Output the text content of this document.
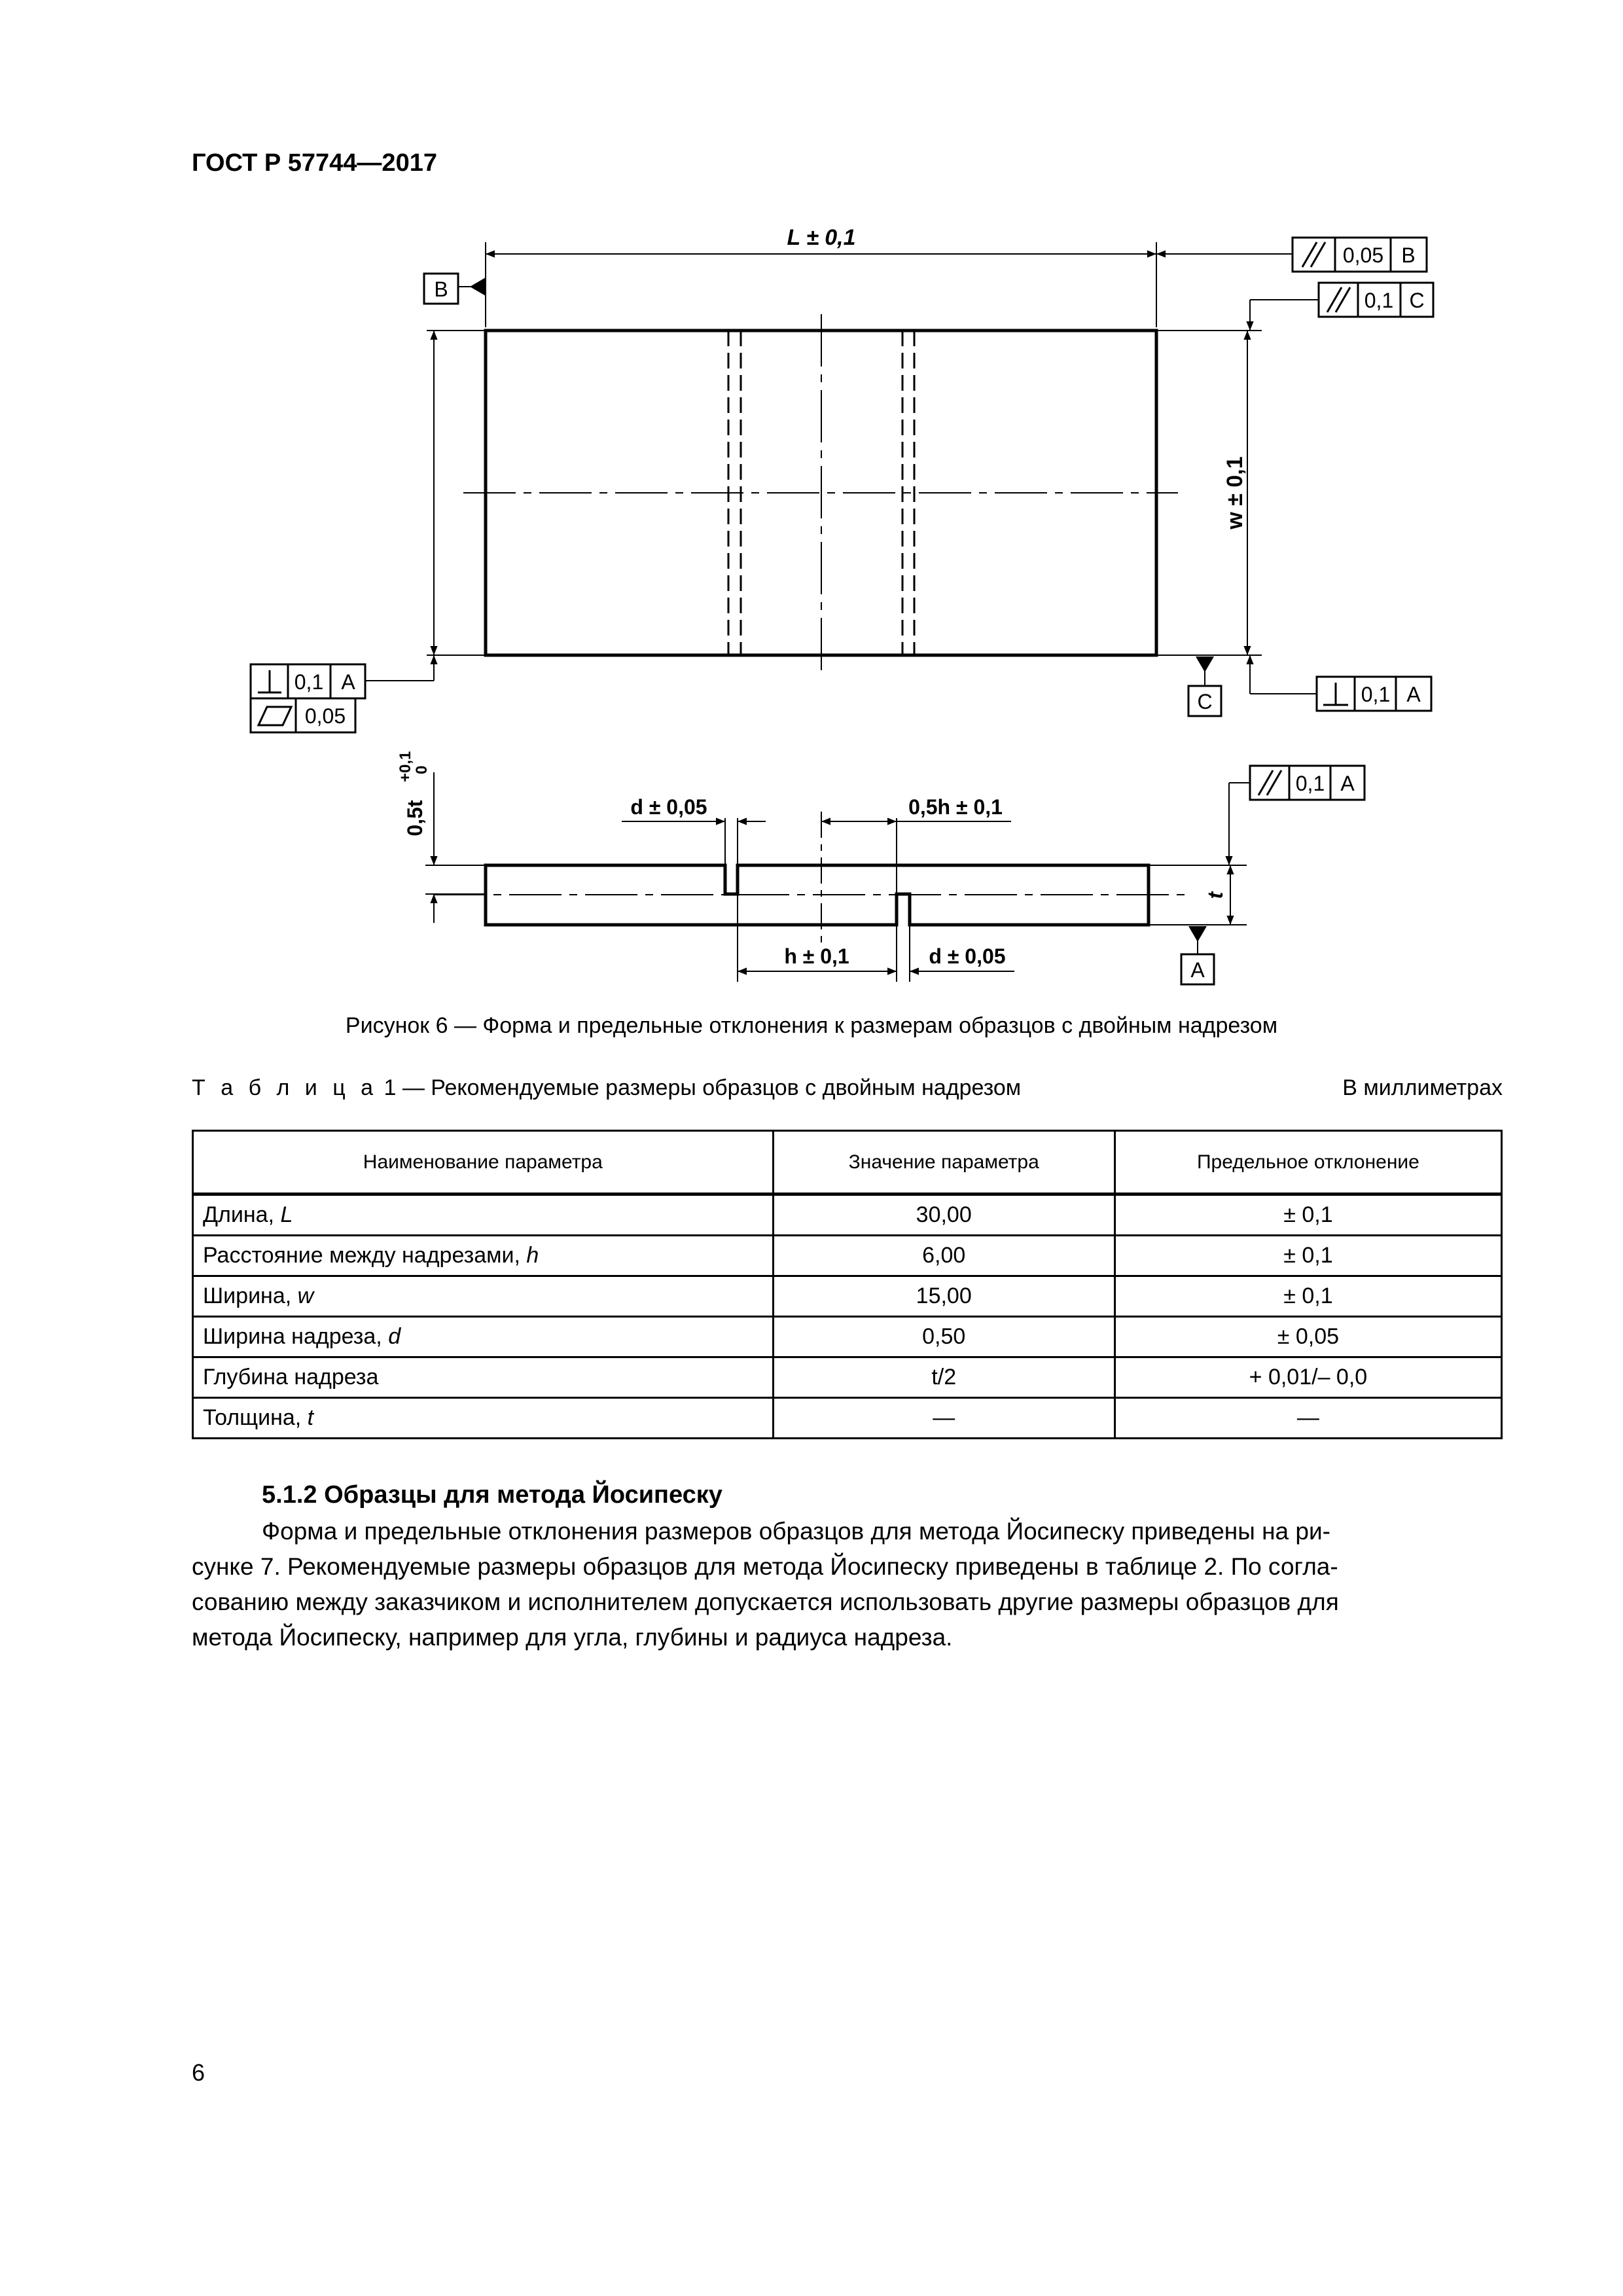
ГОСТ Р 57744—2017
L ± 0,1
w ± 0,1
B
0,05 B
0,1 C
0,1 A
0,05
C	0,1 A
0,5t
+0,1
0
d ± 0,05	0,5h ± 0,1
h ± 0,1	d ± 0,05
t
A
0,1 A
Рисунок 6 — Форма и предельные отклонения к размерам образцов с двойным надрезом
Т а б л и ц а 1 — Рекомендуемые размеры образцов с двойным надрезом	В миллиметрах
Наименование параметра	Значение параметра	Предельное отклонение
Длина, L	30,00	± 0,1
Расстояние между надрезами, h	6,00	± 0,1
Ширина, w	15,00	± 0,1
Ширина надреза, d	0,50	± 0,05
Глубина надреза	t/2	+ 0,01/– 0,0
Толщина, t	—	—
5.1.2 Образцы для метода Йосипеску
Форма и предельные отклонения размеров образцов для метода Йосипеску приведены на ри-
сунке 7. Рекомендуемые размеры образцов для метода Йосипеску приведены в таблице 2. По согла-
сованию между заказчиком и исполнителем допускается использовать другие размеры образцов для
метода Йосипеску, например для угла, глубины и радиуса надреза.
6
